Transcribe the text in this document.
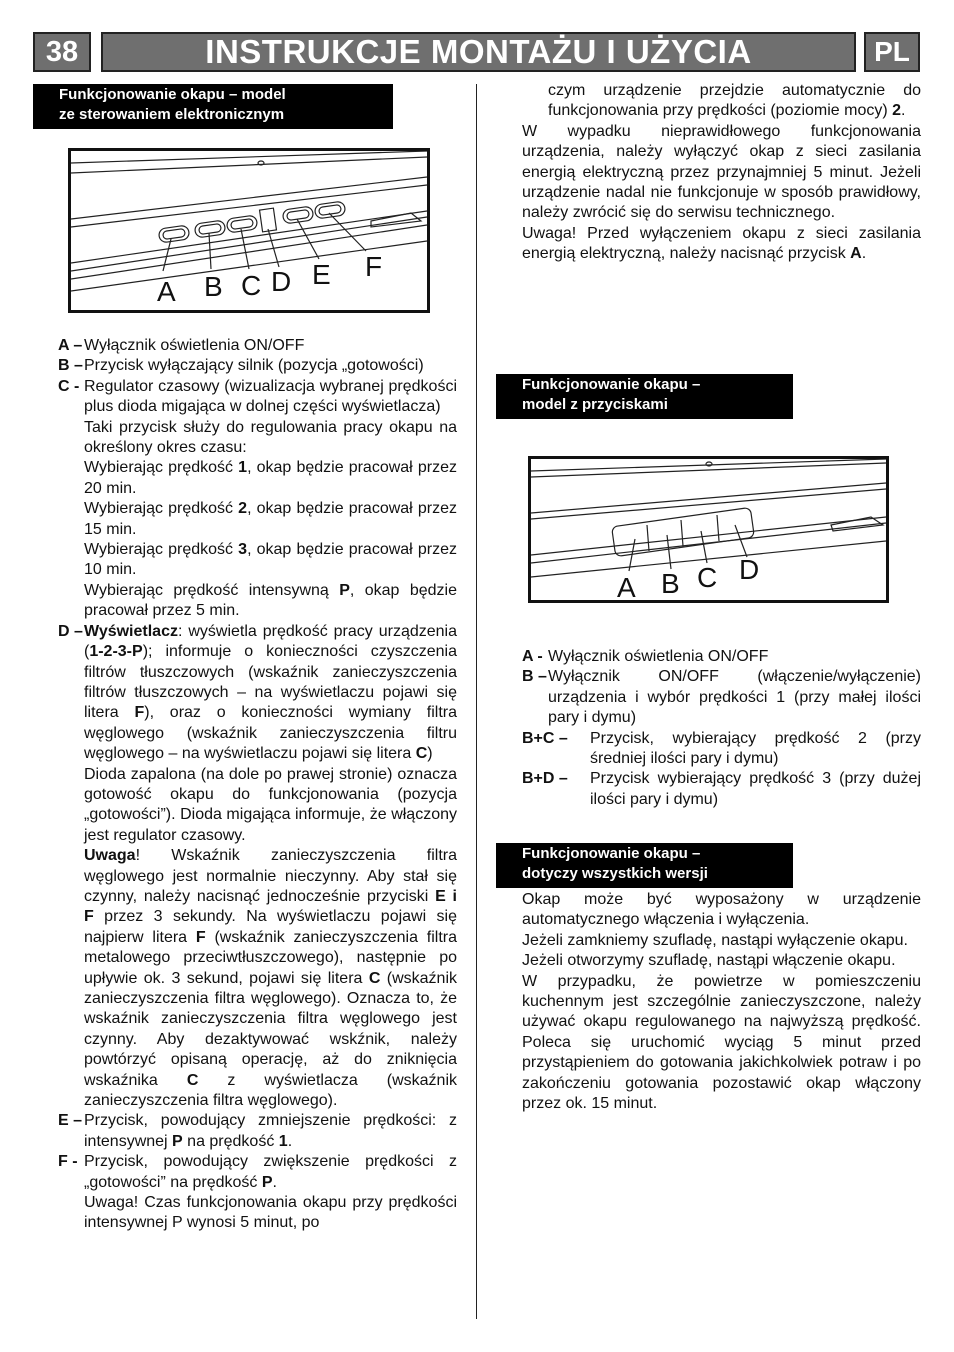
38	INSTRUKCJE MONTAŻU I UŻYCIA	PL
Funkcjonowanie okapu – model
ze sterowaniem elektronicznym
A B C D E F
A – Wyłącznik oświetlenia ON/OFF
B – Przycisk wyłączający silnik (pozycja „gotowości)
C - Regulator czasowy (wizualizacja wybranej prędkości plus dioda migająca w dolnej części wyświetlacza)
Taki przycisk służy do regulowania pracy okapu na określony okres czasu:
Wybierając prędkość 1, okap będzie pracował przez 20 min.
Wybierając prędkość 2, okap będzie pracował przez 15 min.
Wybierając prędkość 3, okap będzie pracował przez 10 min.
Wybierając prędkość intensywną P, okap będzie pracował przez 5 min.
D – Wyświetlacz: wyświetla prędkość pracy urządzenia (1-2-3-P); informuje o konieczności czyszczenia filtrów tłuszczowych (wskaźnik zanieczyszczenia filtrów tłuszczowych – na wyświetlaczu pojawi się litera F), oraz o konieczności wymiany filtra węglowego (wskaźnik zanieczyszczenia filtru węglowego – na wyświetlaczu pojawi się litera C)
Dioda zapalona (na dole po prawej stronie) oznacza gotowość okapu do funkcjonowania (pozycja „gotowości”). Dioda migająca informuje, że włączony jest regulator czasowy.
Uwaga! Wskaźnik zanieczyszczenia filtra węglowego jest normalnie nieczynny. Aby stał się czynny, należy nacisnąć jednocześnie przyciski E i F przez 3 sekundy. Na wyświetlaczu pojawi się najpierw litera F (wskaźnik zanieczyszczenia filtra metalowego przeciwtłuszczowego), następnie po upływie ok. 3 sekund, pojawi się litera C (wskaźnik zanieczyszczenia filtra węglowego). Oznacza to, że wskaźnik zanieczyszczenia filtra węglowego jest czynny. Aby dezaktywować wskźnik, należy powtórzyć opisaną operację, aż do zniknięcia wskaźnika C z wyświetlacza (wskaźnik zanieczyszczenia filtra węglowego).
E – Przycisk, powodujący zmniejszenie prędkości: z intensywnej P na prędkość 1.
F - Przycisk, powodujący zwiększenie prędkości z „gotowości” na prędkość P.
Uwaga! Czas funkcjonowania okapu przy prędkości intensywnej P wynosi 5 minut, po
czym urządzenie przejdzie automatycznie do funkcjonowania przy prędkości (poziomie mocy) 2.
W wypadku nieprawidłowego funkcjonowania urządzenia, należy wyłączyć okap z sieci zasilania energią elektryczną przez przynajmniej 5 minut. Jeżeli urządzenie nadal nie funkcjonuje w sposób prawidłowy, należy zwrócić się do serwisu technicznego.
Uwaga! Przed wyłączeniem okapu z sieci zasilania energią elektryczną, należy nacisnąć przycisk A.
Funkcjonowanie okapu –
model z przyciskami
A B C D
A - Wyłącznik oświetlenia ON/OFF
B – Wyłącznik ON/OFF (włączenie/wyłączenie) urządzenia i wybór prędkości 1 (przy małej ilości pary i dymu)
B+C – Przycisk, wybierający prędkość 2 (przy średniej ilości pary i dymu)
B+D – Przycisk wybierający prędkość 3 (przy dużej ilości pary i dymu)
Funkcjonowanie okapu –
dotyczy wszystkich wersji
Okap może być wyposażony w urządzenie automatycznego włączenia i wyłączenia.
Jeżeli zamkniemy szufladę, nastąpi wyłączenie okapu.
Jeżeli otworzymy szufladę, nastąpi włączenie okapu.
W przypadku, że powietrze w pomieszczeniu kuchennym jest szczególnie zanieczyszczone, należy używać okapu regulowanego na najwyższą prędkość. Poleca się uruchomić wyciąg 5 minut przed przystąpieniem do gotowania jakichkolwiek potraw i po zakończeniu gotowania pozostawić okap włączony przez ok. 15 minut.
